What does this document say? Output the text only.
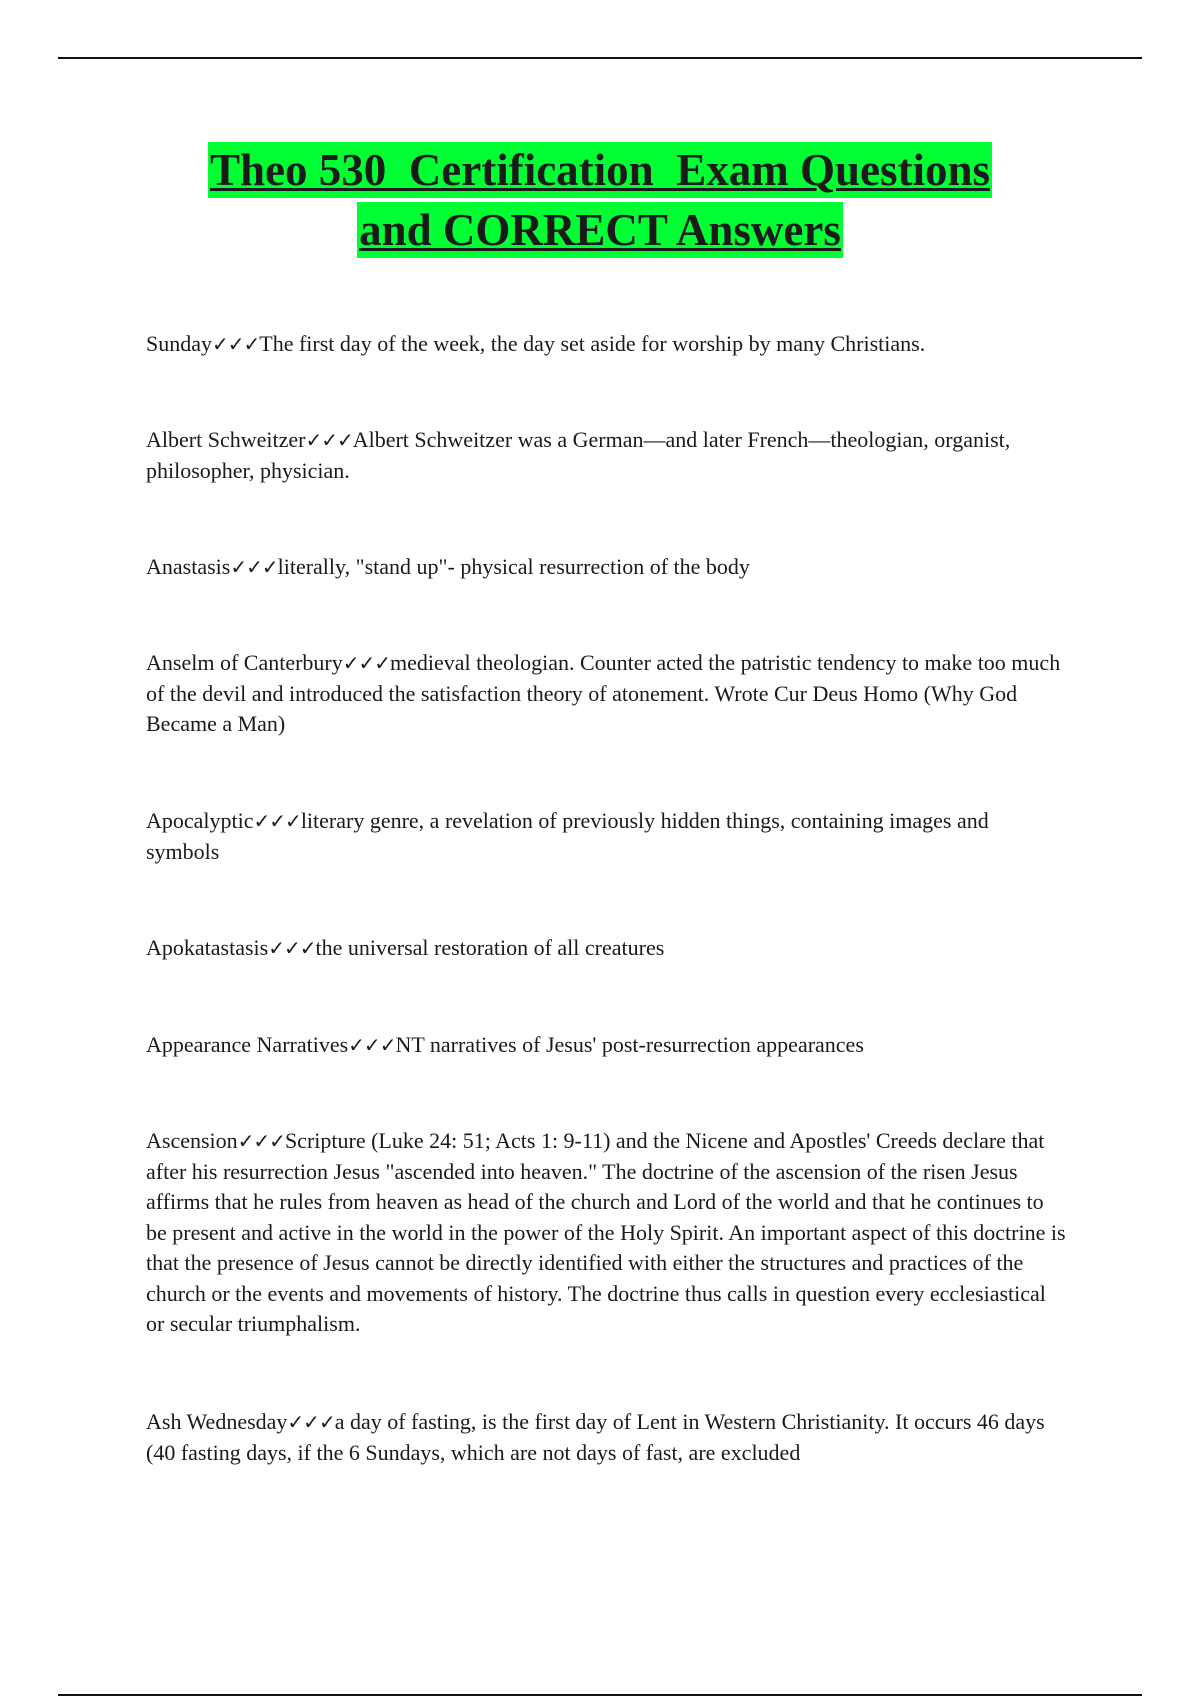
Theo 530  Certification  Exam Questions
and CORRECT Answers

Sunday✓✓✓The first day of the week, the day set aside for worship by many Christians.

Albert Schweitzer✓✓✓Albert Schweitzer was a German—and later French—theologian, organist, philosopher, physician.

Anastasis✓✓✓literally, "stand up"- physical resurrection of the body

Anselm of Canterbury✓✓✓medieval theologian. Counter acted the patristic tendency to make too much of the devil and introduced the satisfaction theory of atonement. Wrote Cur Deus Homo (Why God Became a Man)

Apocalyptic✓✓✓literary genre, a revelation of previously hidden things, containing images and symbols

Apokatastasis✓✓✓the universal restoration of all creatures

Appearance Narratives✓✓✓NT narratives of Jesus' post-resurrection appearances

Ascension✓✓✓Scripture (Luke 24: 51; Acts 1: 9-11) and the Nicene and Apostles' Creeds declare that after his resurrection Jesus "ascended into heaven." The doctrine of the ascension of the risen Jesus affirms that he rules from heaven as head of the church and Lord of the world and that he continues to be present and active in the world in the power of the Holy Spirit. An important aspect of this doctrine is that the presence of Jesus cannot be directly identified with either the structures and practices of the church or the events and movements of history. The doctrine thus calls in question every ecclesiastical or secular triumphalism.

Ash Wednesday✓✓✓a day of fasting, is the first day of Lent in Western Christianity. It occurs 46 days (40 fasting days, if the 6 Sundays, which are not days of fast, are excluded
